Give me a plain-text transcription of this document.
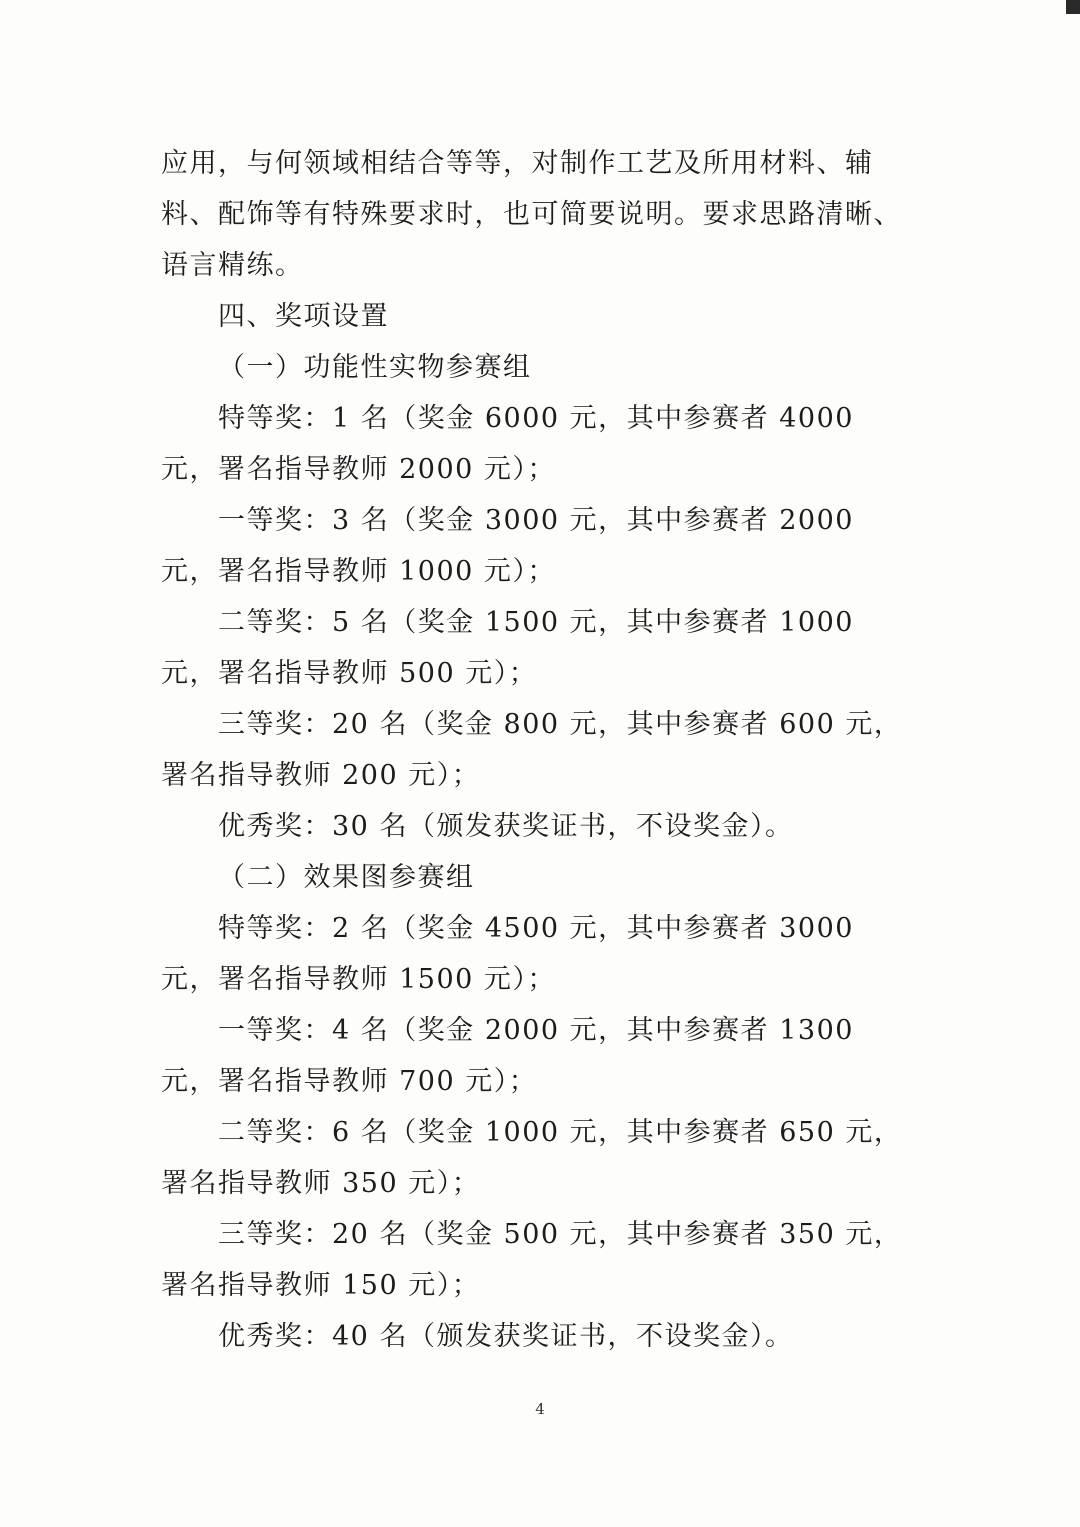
应用，与何领域相结合等等，对制作工艺及所用材料、辅料、配饰等有特殊要求时，也可简要说明。要求思路清晰、语言精练。

四、奖项设置

（一）功能性实物参赛组

特等奖：1 名（奖金 6000 元，其中参赛者 4000 元，署名指导教师 2000 元）；

一等奖：3 名（奖金 3000 元，其中参赛者 2000 元，署名指导教师 1000 元）；

二等奖：5 名（奖金 1500 元，其中参赛者 1000 元，署名指导教师 500 元）；

三等奖：20 名（奖金 800 元，其中参赛者 600 元，署名指导教师 200 元）；

优秀奖：30 名（颁发获奖证书，不设奖金）。

（二）效果图参赛组

特等奖：2 名（奖金 4500 元，其中参赛者 3000 元，署名指导教师 1500 元）；

一等奖：4 名（奖金 2000 元，其中参赛者 1300 元，署名指导教师 700 元）；

二等奖：6 名（奖金 1000 元，其中参赛者 650 元，署名指导教师 350 元）；

三等奖：20 名（奖金 500 元，其中参赛者 350 元，署名指导教师 150 元）；

优秀奖：40 名（颁发获奖证书，不设奖金）。

4
